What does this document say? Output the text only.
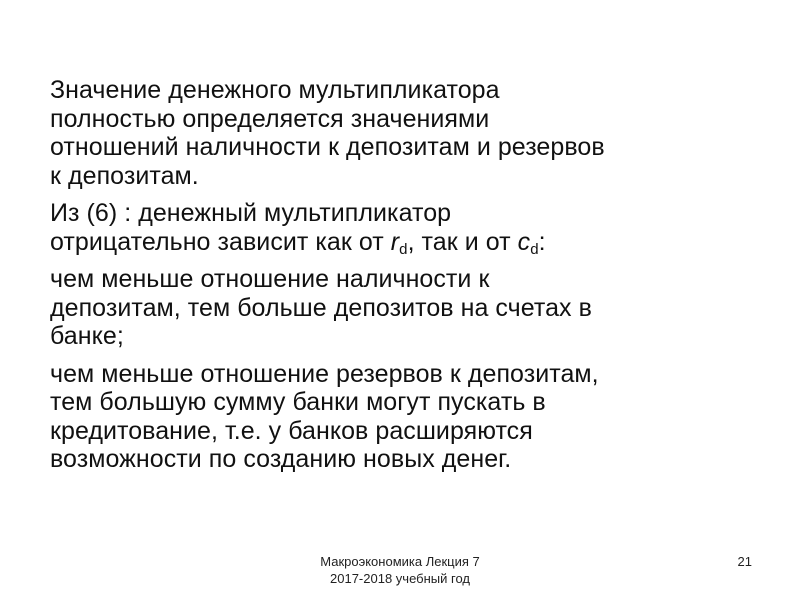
Значение денежного мультипликатора
полностью определяется значениями
отношений наличности к депозитам и резервов
к депозитам.

Из (6) : денежный мультипликатор
отрицательно зависит как от $r_d$, так и от $c_d$:

чем меньше отношение наличности к
депозитам, тем больше депозитов на счетах в
банке;

чем меньше отношение резервов к депозитам,
тем большую сумму банки могут пускать в
кредитование, т.е. у банков расширяются
возможности по созданию новых денег.

Макроэкономика Лекция 7
2017-2018 учебный год
21
